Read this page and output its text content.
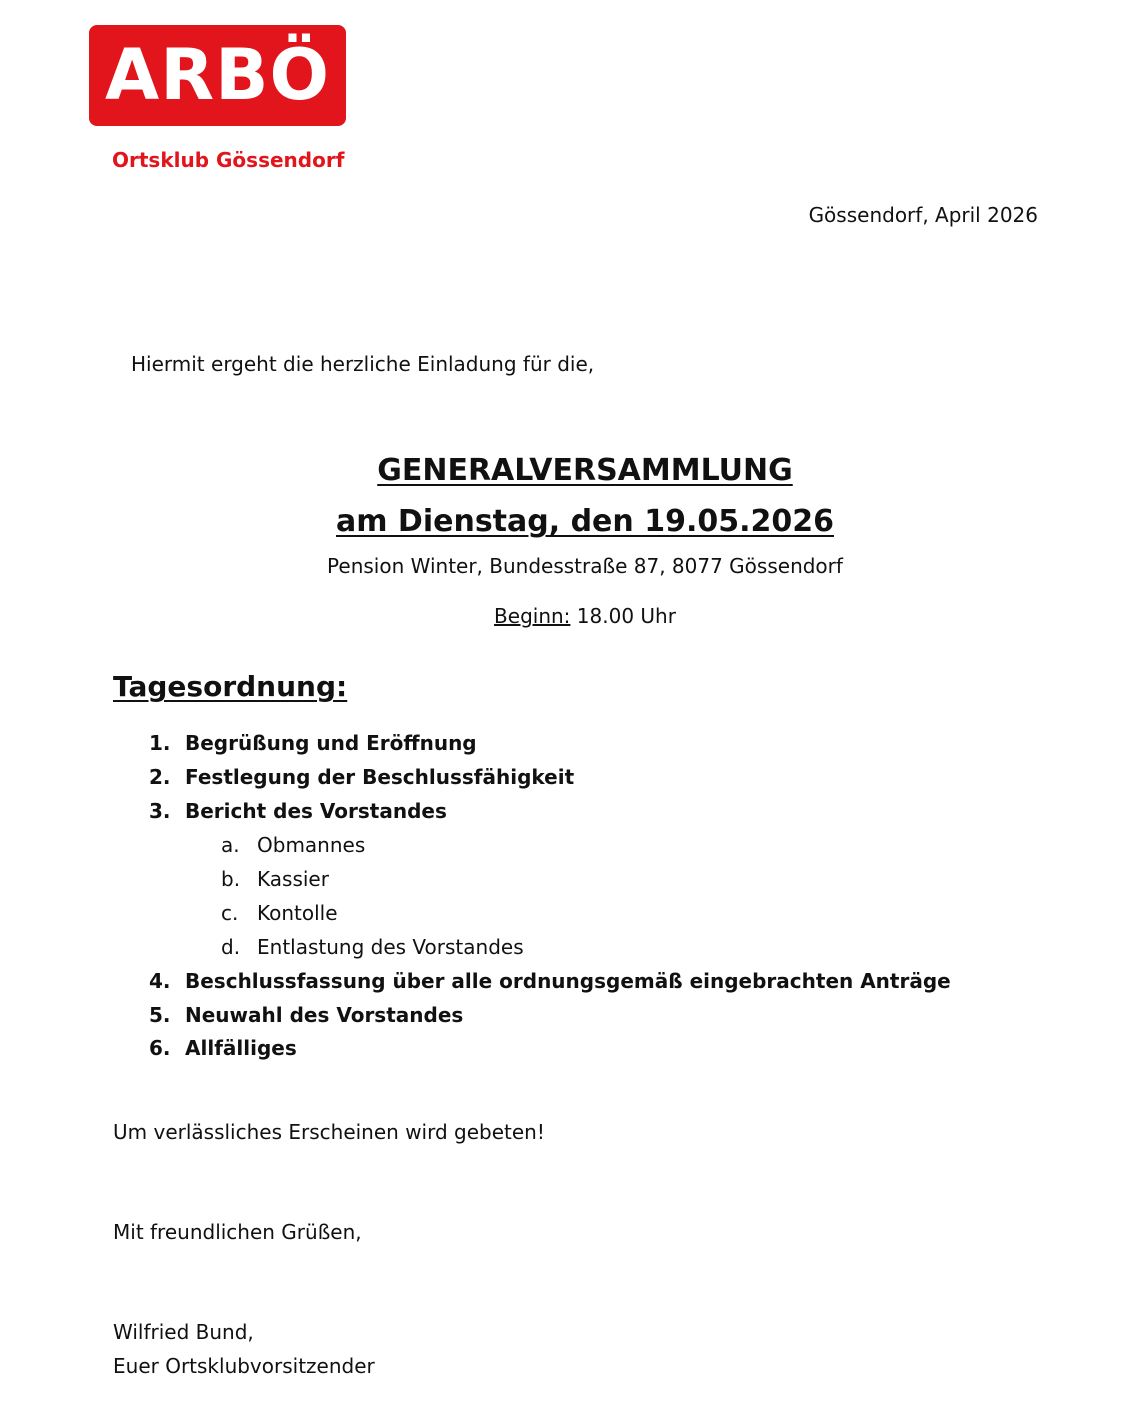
ARBÖ
Ortsklub Gössendorf
Gössendorf, April 2026
Hiermit ergeht die herzliche Einladung für die,
GENERALVERSAMMLUNG
am Dienstag, den 19.05.2026
Pension Winter, Bundesstraße 87, 8077 Gössendorf
Beginn: 18.00 Uhr
Tagesordnung:
1. Begrüßung und Eröffnung
2. Festlegung der Beschlussfähigkeit
3. Bericht des Vorstandes
a. Obmannes
b. Kassier
c. Kontolle
d. Entlastung des Vorstandes
4. Beschlussfassung über alle ordnungsgemäß eingebrachten Anträge
5. Neuwahl des Vorstandes
6. Allfälliges
Um verlässliches Erscheinen wird gebeten!
Mit freundlichen Grüßen,
Wilfried Bund,
Euer Ortsklubvorsitzender
